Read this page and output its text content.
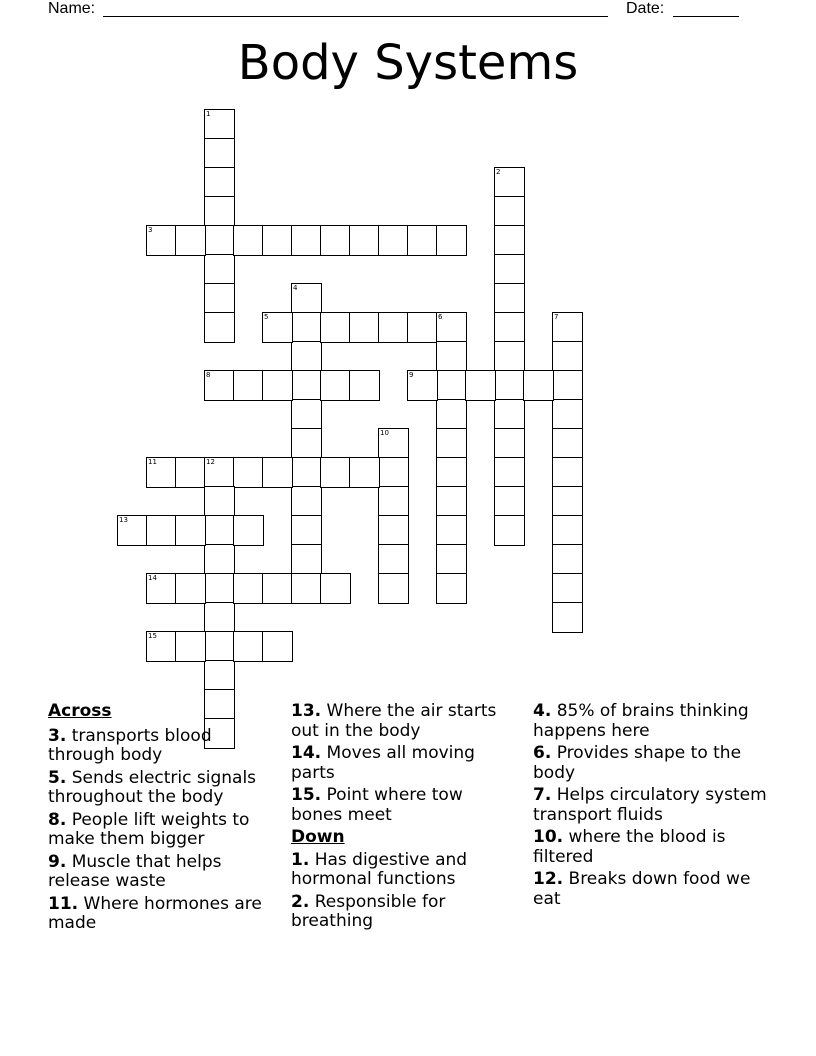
Name:	Date:
Body Systems
1
3
2
4
5	6	7
8	9
10
11	12
13
14
15
Across
3. transports blood through body
5. Sends electric signals throughout the body
8. People lift weights to make them bigger
9. Muscle that helps release waste
11. Where hormones are made
13. Where the air starts out in the body
14. Moves all moving parts
15. Point where tow bones meet
Down
1. Has digestive and hormonal functions
2. Responsible for breathing
4. 85% of brains thinking happens here
6. Provides shape to the body
7. Helps circulatory system transport fluids
10. where the blood is filtered
12. Breaks down food we eat
